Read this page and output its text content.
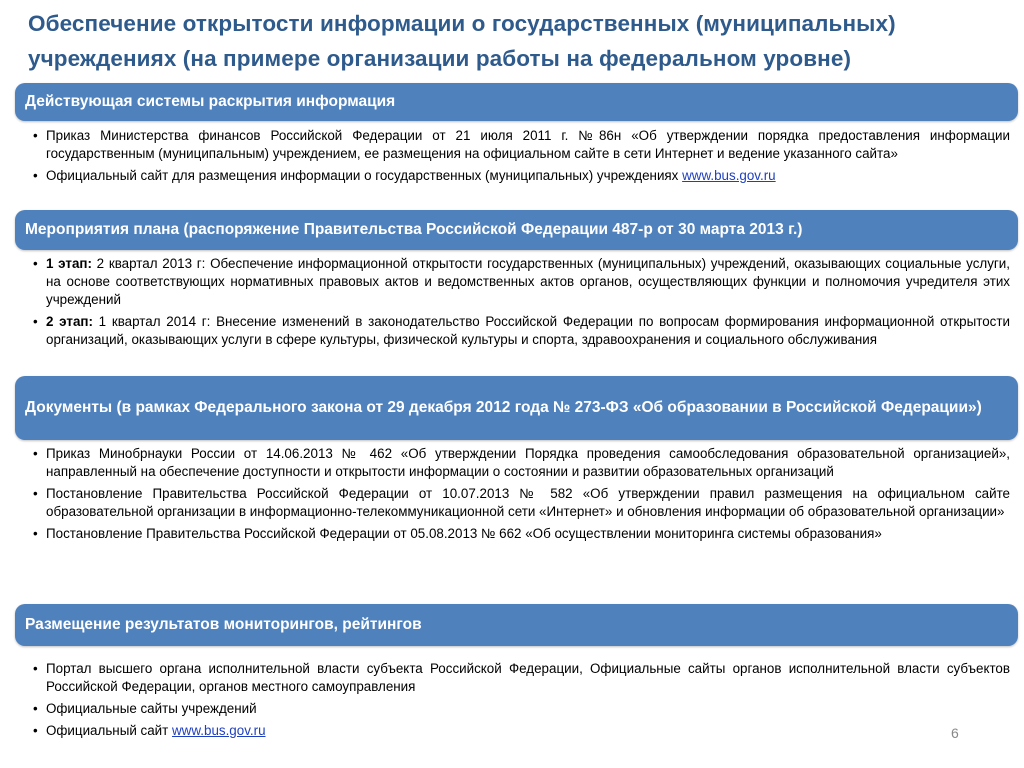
Обеспечение открытости информации о государственных (муниципальных) учреждениях (на примере организации работы на федеральном уровне)
Действующая системы раскрытия информация
• Приказ Министерства финансов Российской Федерации от 21 июля 2011 г. №86н «Об утверждении порядка предоставления информации государственным (муниципальным) учреждением, ее размещения на официальном сайте в сети Интернет и ведение указанного сайта»
• Официальный сайт для размещения информации о государственных (муниципальных) учреждениях www.bus.gov.ru
Мероприятия плана (распоряжение Правительства Российской Федерации 487-р от 30 марта 2013 г.)
• 1 этап: 2 квартал 2013 г: Обеспечение информационной открытости государственных (муниципальных) учреждений, оказывающих социальные услуги, на основе соответствующих нормативных правовых актов и ведомственных актов органов, осуществляющих функции и полномочия учредителя этих учреждений
• 2 этап: 1 квартал 2014 г: Внесение изменений в законодательство Российской Федерации по вопросам формирования информационной открытости организаций, оказывающих услуги в сфере культуры, физической культуры и спорта, здравоохранения и социального обслуживания
Документы (в рамках Федерального закона от 29 декабря 2012 года № 273-ФЗ «Об образовании в Российской Федерации»)
• Приказ Минобрнауки России от 14.06.2013 № 462 «Об утверждении Порядка проведения самообследования образовательной организацией», направленный на обеспечение доступности и открытости информации о состоянии и развитии образовательных организаций
• Постановление Правительства Российской Федерации от 10.07.2013 № 582 «Об утверждении правил размещения на официальном сайте образовательной организации в информационно-телекоммуникационной сети «Интернет» и обновления информации об образовательной организации»
• Постановление Правительства Российской Федерации от 05.08.2013 № 662 «Об осуществлении мониторинга системы образования»
Размещение результатов мониторингов, рейтингов
• Портал высшего органа исполнительной власти субъекта Российской Федерации, Официальные сайты органов исполнительной власти субъектов Российской Федерации, органов местного самоуправления
• Официальные сайты учреждений
• Официальный сайт www.bus.gov.ru	6
